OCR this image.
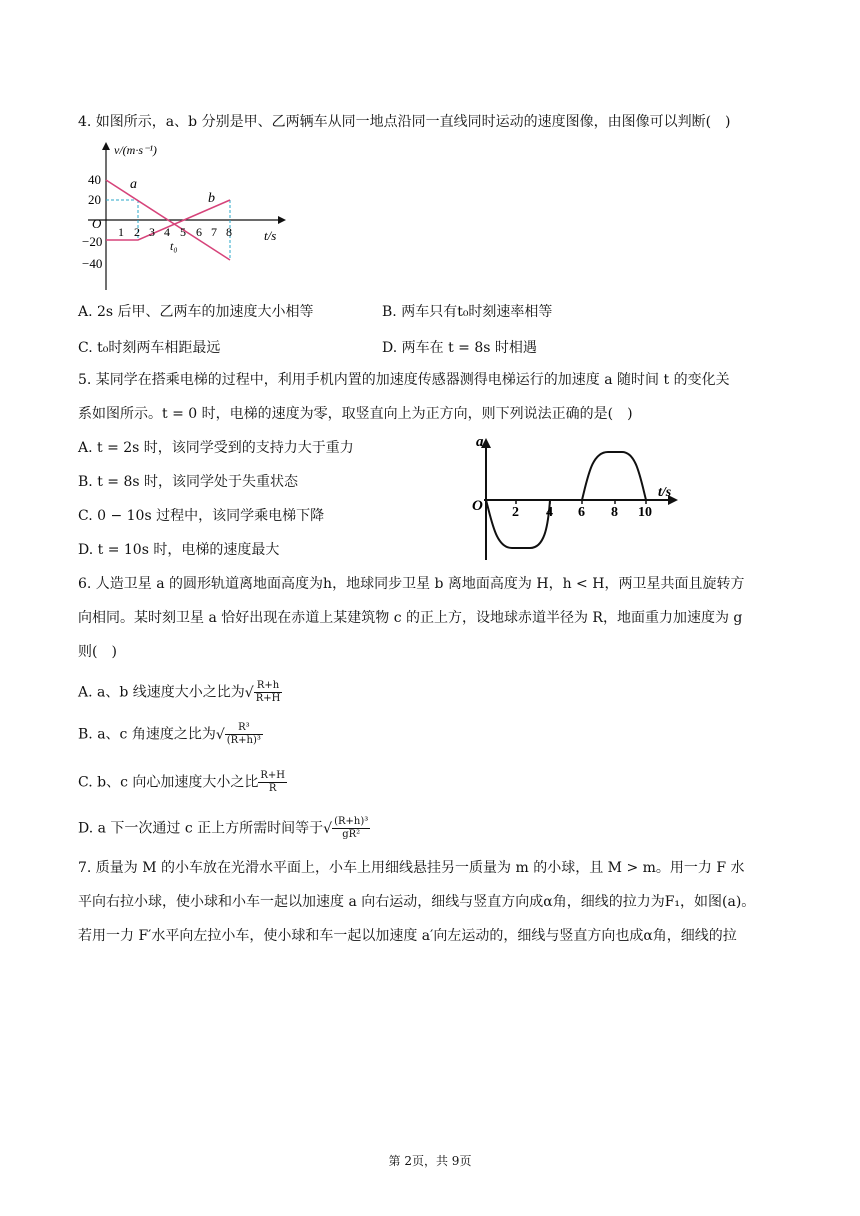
4. 如图所示，a、b 分别是甲、乙两辆车从同一地点沿同一直线同时运动的速度图像，由图像可以判断(　)
40
20
−20
−40
O
1 2 3 4 5 6 7 8
t₀
a
b
v/(m·s⁻¹)
t/s
A. 2s 后甲、乙两车的加速度大小相等	B. 两车只有t₀时刻速率相等
C. t₀时刻两车相距最远	D. 两车在 t = 8s 时相遇
5. 某同学在搭乘电梯的过程中，利用手机内置的加速度传感器测得电梯运行的加速度 a 随时间 t 的变化关
系如图所示。t = 0 时，电梯的速度为零，取竖直向上为正方向，则下列说法正确的是(　)
A. t = 2s 时，该同学受到的支持力大于重力
B. t = 8s 时，该同学处于失重状态
C. 0 − 10s 过程中，该同学乘电梯下降
D. t = 10s 时，电梯的速度最大
a
O 2 4 6 8 10
t/s
6. 人造卫星 a 的圆形轨道离地面高度为h，地球同步卫星 b 离地面高度为 H，h < H，两卫星共面且旋转方
向相同。某时刻卫星 a 恰好出现在赤道上某建筑物 c 的正上方，设地球赤道半径为 R，地面重力加速度为 g
则(　)
A. a、b 线速度大小之比为√ $\frac{R+h}{R+H}$
B. a、c 角速度之比为√ $\frac{\text{R³}}{\text{(R+h)³}}$
C. b、c 向心加速度大小之比 $\frac{R+H}{R}$
D. a 下一次通过 c 正上方所需时间等于√ $\frac{\text{(R+h)³}}{\text{gR²}}$
7. 质量为 M 的小车放在光滑水平面上，小车上用细线悬挂另一质量为 m 的小球，且 M > m。用一力 F 水
平向右拉小球，使小球和小车一起以加速度 a 向右运动，细线与竖直方向成α角，细线的拉力为F₁，如图(a)。
若用一力 F′水平向左拉小车，使小球和车一起以加速度 a′向左运动的，细线与竖直方向也成α角，细线的拉
第 2页，共 9页
